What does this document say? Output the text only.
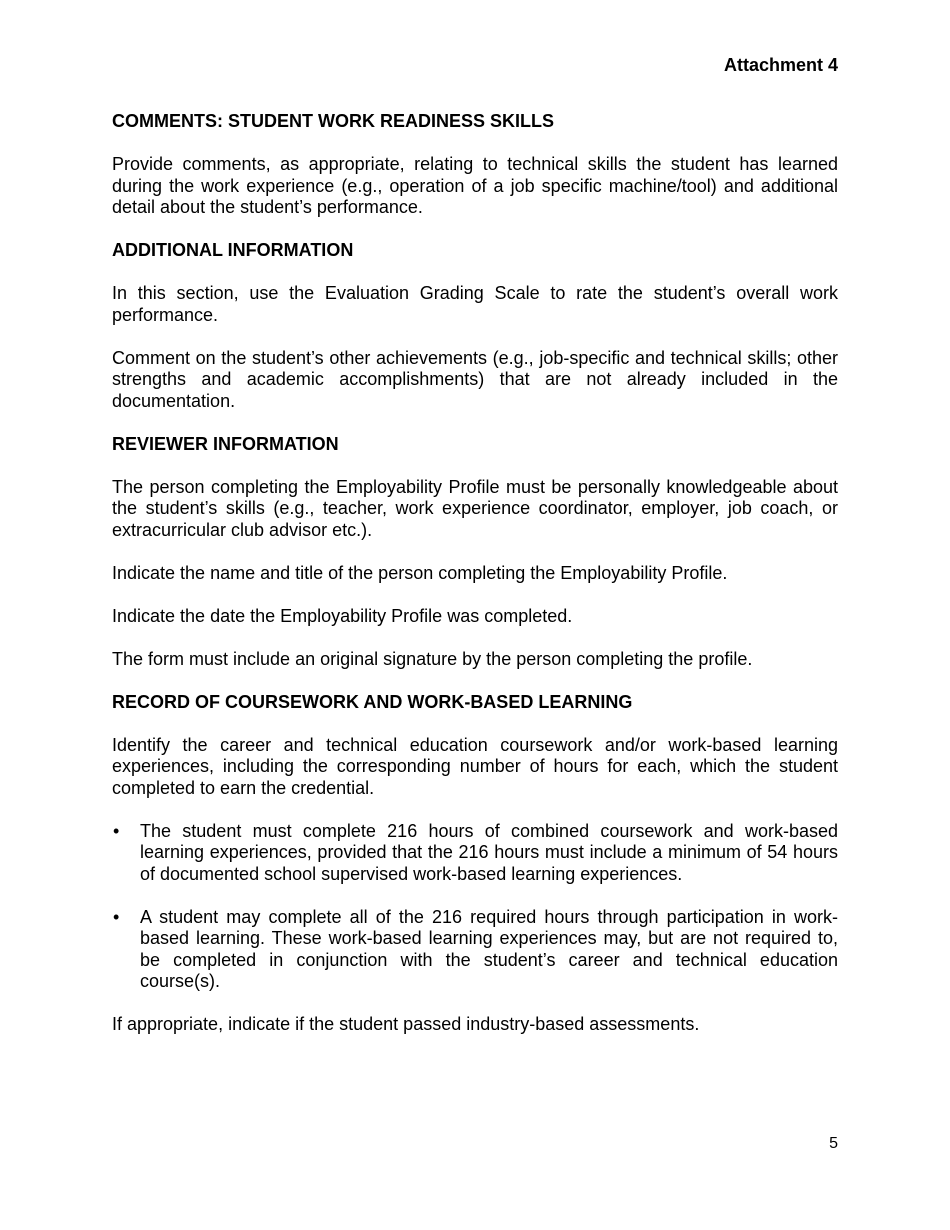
Attachment 4

COMMENTS: STUDENT WORK READINESS SKILLS

Provide comments, as appropriate, relating to technical skills the student has learned during the work experience (e.g., operation of a job specific machine/tool) and additional detail about the student’s performance.

ADDITIONAL INFORMATION

In this section, use the Evaluation Grading Scale to rate the student’s overall work performance.

Comment on the student’s other achievements (e.g., job-specific and technical skills; other strengths and academic accomplishments) that are not already included in the documentation.

REVIEWER INFORMATION

The person completing the Employability Profile must be personally knowledgeable about the student’s skills (e.g., teacher, work experience coordinator, employer, job coach, or extracurricular club advisor etc.).

Indicate the name and title of the person completing the Employability Profile.

Indicate the date the Employability Profile was completed.

The form must include an original signature by the person completing the profile.

RECORD OF COURSEWORK AND WORK-BASED LEARNING

Identify the career and technical education coursework and/or work-based learning experiences, including the corresponding number of hours for each, which the student completed to earn the credential.

• The student must complete 216 hours of combined coursework and work-based learning experiences, provided that the 216 hours must include a minimum of 54 hours of documented school supervised work-based learning experiences.
• A student may complete all of the 216 required hours through participation in work-based learning. These work-based learning experiences may, but are not required to, be completed in conjunction with the student’s career and technical education course(s).

If appropriate, indicate if the student passed industry-based assessments.

5
